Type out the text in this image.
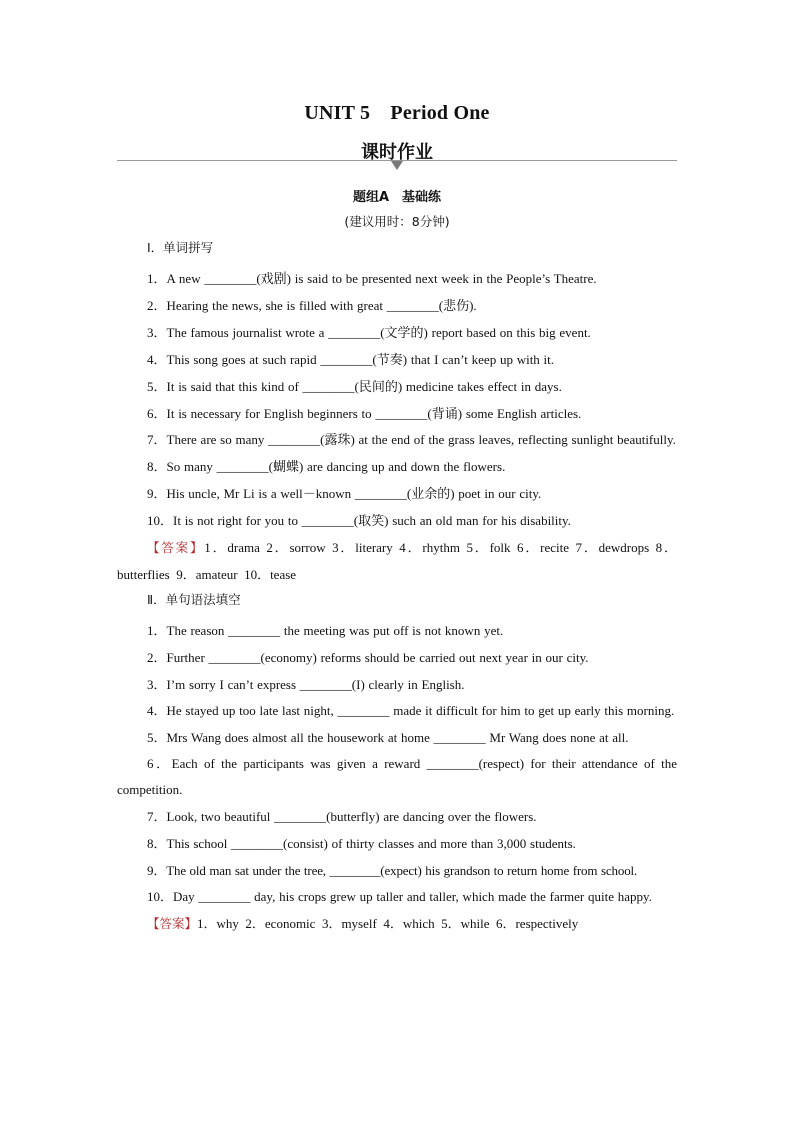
UNIT 5　Period One
课时作业
题组A　基础练
(建议用时：8分钟)
Ⅰ．单词拼写
1．A new ________(戏剧) is said to be presented next week in the People’s Theatre.
2．Hearing the news, she is filled with great ________(悲伤).
3．The famous journalist wrote a ________(文学的) report based on this big event.
4．This song goes at such rapid ________(节奏) that I can’t keep up with it.
5．It is said that this kind of ________(民间的) medicine takes effect in days.
6．It is necessary for English beginners to ________(背诵) some English articles.
7．There are so many ________(露珠) at the end of the grass leaves, reflecting sunlight beautifully.
8．So many ________(蝴蝶) are dancing up and down the flowers.
9．His uncle, Mr Li is a well－known ________(业余的) poet in our city.
10．It is not right for you to ________(取笑) such an old man for his disability.
【答案】1．drama 2．sorrow 3．literary 4．rhythm 5．folk 6．recite 7．dewdrops 8．butterflies 9．amateur 10．tease
Ⅱ．单句语法填空
1．The reason ________ the meeting was put off is not known yet.
2．Further ________(economy) reforms should be carried out next year in our city.
3．I’m sorry I can’t express ________(I) clearly in English.
4．He stayed up too late last night, ________ made it difficult for him to get up early this morning.
5．Mrs Wang does almost all the housework at home ________ Mr Wang does none at all.
6．Each of the participants was given a reward ________(respect) for their attendance of the competition.
7．Look, two beautiful ________(butterfly) are dancing over the flowers.
8．This school ________(consist) of thirty classes and more than 3,000 students.
9．The old man sat under the tree, ________(expect) his grandson to return home from school.
10．Day ________ day, his crops grew up taller and taller, which made the farmer quite happy.
【答案】1．why 2．economic 3．myself 4．which 5．while 6．respectively
